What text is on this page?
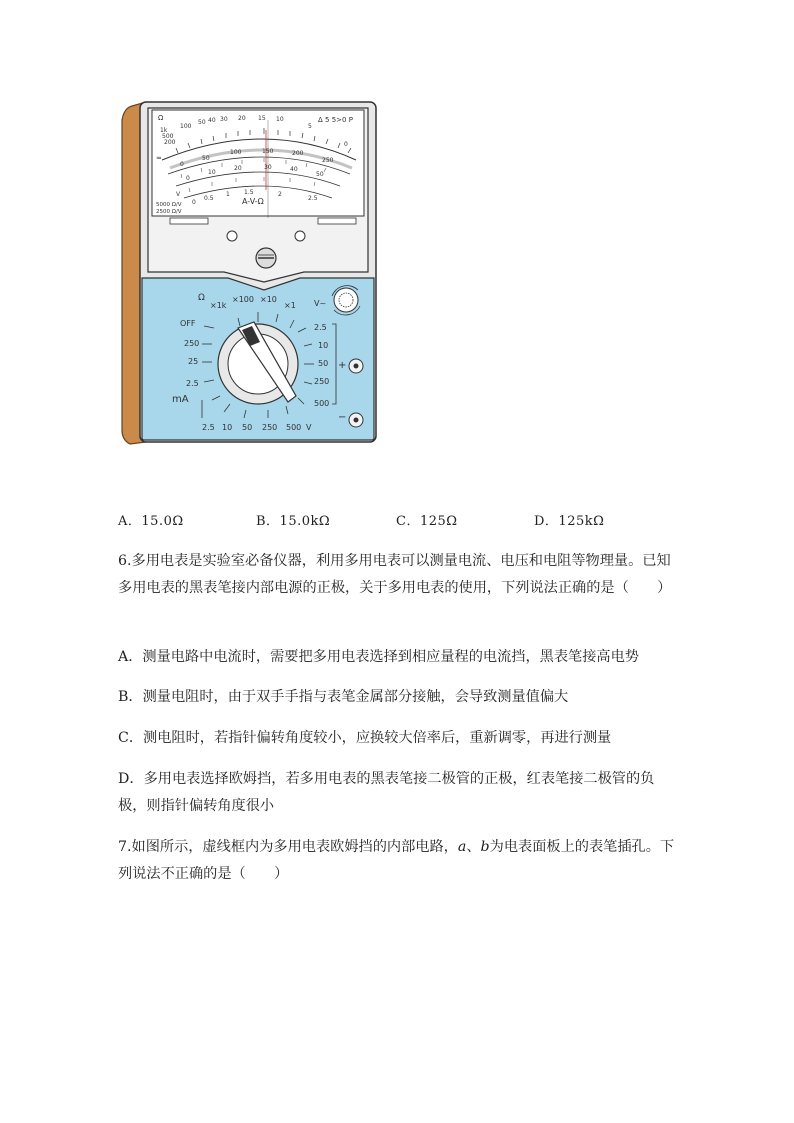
1k
500
200
100
50 40 30 20 15 10
5
0
0
50
100	150	200
250
0
10
20	30	40
50
0
0.5
1 1.5	2
2.5
Ω
≂
V
Δ 5 5>0 P
A-V-Ω
5000 Ω/V
2500 Ω/V
Ω
×1k
×100 ×10
×1
OFF
250
25
2.5
mA
2.5
10
50
250
500
V~
2.5 10 50 250 500 V
+
−
A．15.0Ω	B．15.0kΩ	C．125Ω	D．125kΩ

6.多用电表是实验室必备仪器，利用多用电表可以测量电流、电压和电阻等物理量。已知多用电表的黑表笔接内部电源的正极，关于多用电表的使用，下列说法正确的是（　　）

A．测量电路中电流时，需要把多用电表选择到相应量程的电流挡，黑表笔接高电势

B．测量电阻时，由于双手手指与表笔金属部分接触，会导致测量值偏大

C．测电阻时，若指针偏转角度较小，应换较大倍率后，重新调零，再进行测量

D．多用电表选择欧姆挡，若多用电表的黑表笔接二极管的正极，红表笔接二极管的负极，则指针偏转角度很小

7.如图所示，虚线框内为多用电表欧姆挡的内部电路，a、b为电表面板上的表笔插孔。下列说法不正确的是（　　）
